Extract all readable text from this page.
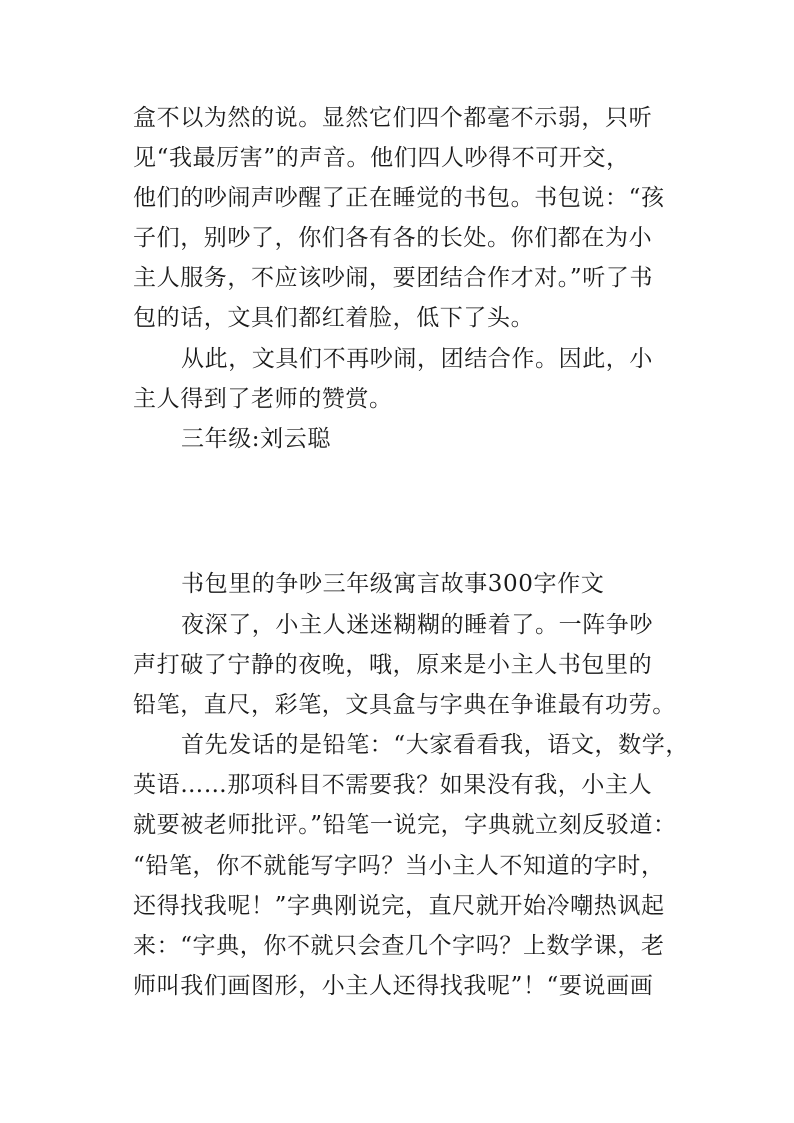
盒不以为然的说。显然它们四个都毫不示弱，只听
见“我最厉害”的声音。他们四人吵得不可开交，
他们的吵闹声吵醒了正在睡觉的书包。书包说：“孩
子们，别吵了，你们各有各的长处。你们都在为小
主人服务，不应该吵闹，要团结合作才对。”听了书
包的话，文具们都红着脸，低下了头。
从此，文具们不再吵闹，团结合作。因此，小
主人得到了老师的赞赏。
三年级:刘云聪
书包里的争吵三年级寓言故事300字作文
夜深了，小主人迷迷糊糊的睡着了。一阵争吵
声打破了宁静的夜晚，哦，原来是小主人书包里的
铅笔，直尺，彩笔，文具盒与字典在争谁最有功劳。
首先发话的是铅笔：“大家看看我，语文，数学，
英语……那项科目不需要我？如果没有我，小主人
就要被老师批评。”铅笔一说完，字典就立刻反驳道：
“铅笔，你不就能写字吗？当小主人不知道的字时，
还得找我呢！”字典刚说完，直尺就开始冷嘲热讽起
来：“字典，你不就只会查几个字吗？上数学课，老
师叫我们画图形，小主人还得找我呢”！“要说画画
